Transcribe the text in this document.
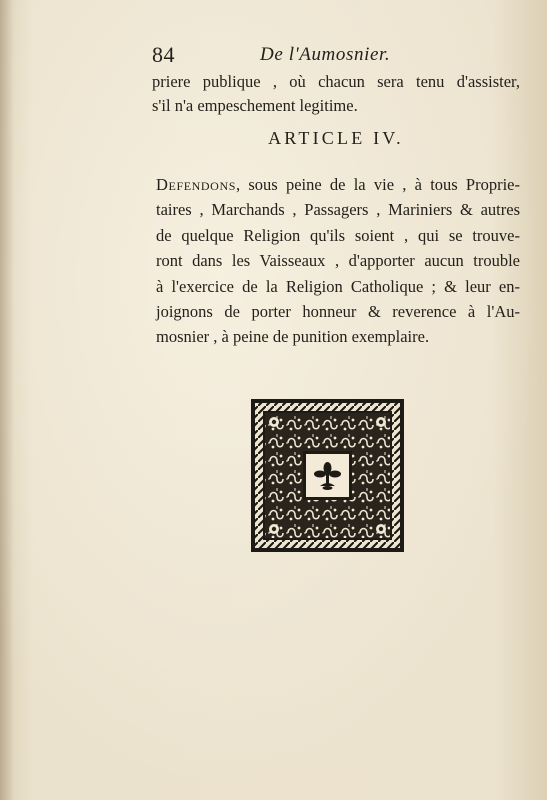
84	De l'Aumosnier.
priere publique , où chacun sera tenu d'assister,
s'il n'a empeschement legitime.
ARTICLE IV.
Defendons, sous peine de la vie , à tous Proprie-
taires , Marchands , Passagers , Mariniers & autres
de quelque Religion qu'ils soient , qui se trouve-
ront dans les Vaisseaux , d'apporter aucun trouble
à l'exercice de la Religion Catholique ; & leur en-
joignons de porter honneur & reverence à l'Au-
mosnier , à peine de punition exemplaire.
